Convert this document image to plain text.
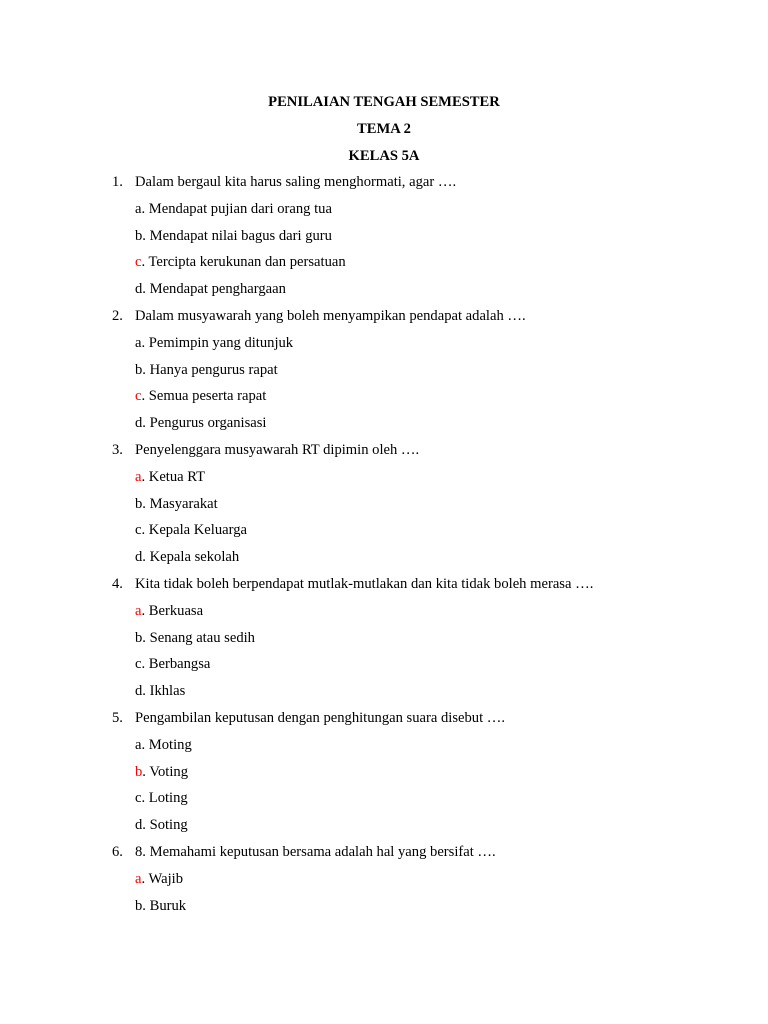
PENILAIAN TENGAH SEMESTER
TEMA 2
KELAS 5A
1. Dalam bergaul kita harus saling menghormati, agar ….
a. Mendapat pujian dari orang tua
b. Mendapat nilai bagus dari guru
c. Tercipta kerukunan dan persatuan
d. Mendapat penghargaan
2. Dalam musyawarah yang boleh menyampikan pendapat adalah ….
a. Pemimpin yang ditunjuk
b. Hanya pengurus rapat
c. Semua peserta rapat
d. Pengurus organisasi
3. Penyelenggara musyawarah RT dipimin oleh ….
a. Ketua RT
b. Masyarakat
c. Kepala Keluarga
d. Kepala sekolah
4. Kita tidak boleh berpendapat mutlak-mutlakan dan kita tidak boleh merasa ….
a. Berkuasa
b. Senang atau sedih
c. Berbangsa
d. Ikhlas
5. Pengambilan keputusan dengan penghitungan suara disebut ….
a. Moting
b. Voting
c. Loting
d. Soting
6. 8. Memahami keputusan bersama adalah hal yang bersifat ….
a. Wajib
b. Buruk
